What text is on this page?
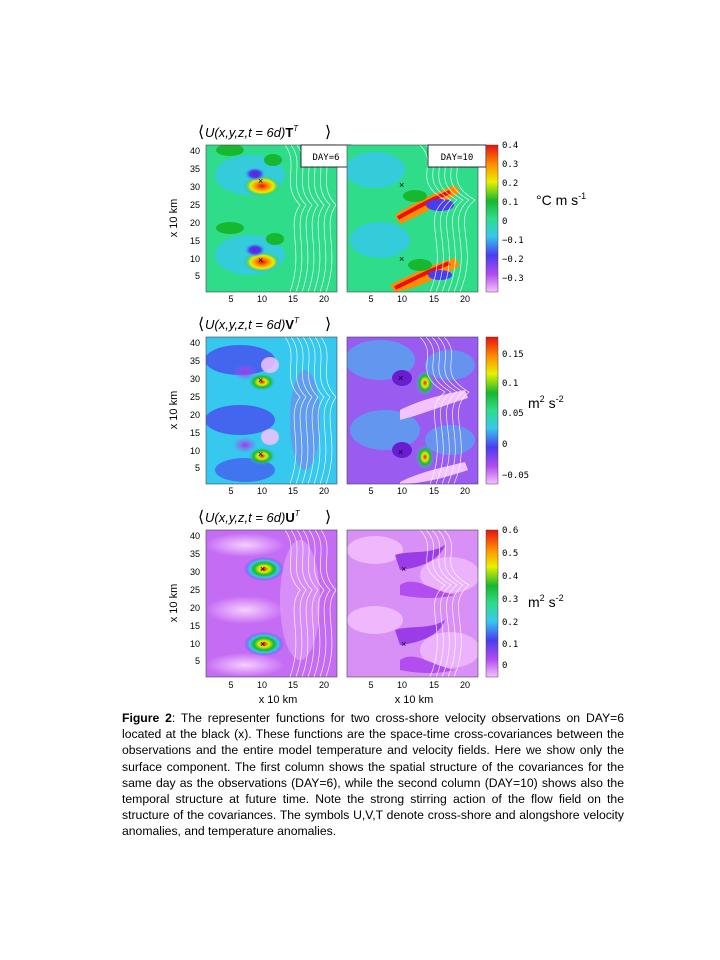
$U(x,y,z,t = 6d)T^T$
⟨	⟩
×
×
DAY=6
×
×
DAY=10
0.4
0.3
0.2
0.1
0
−0.1
−0.2
−0.3
°C m $s^{-1}$
5
10
15
20
25
30
35
40
x 10 km
5	10 15 20	5	10 15 20
$U(x,y,z,t = 6d)V^T$
⟨	⟩
×
×
×
×
0.15
0.1
0.05
0
−0.05
$m^2$ $s^{-2}$
5
10
15
20
25
30
35
40
x 10 km
5	10 15 20	5	10 15 20
$U(x,y,z,t = 6d)U^T$
⟨	⟩
×
×
×
×
0.6
0.5
0.4
0.3
0.2
0.1
0
$m^2$ $s^{-2}$
5
10
15
20
25
30
35
40
x 10 km
5	10 15 20	5	10 15 20
x 10 km	x 10 km
Figure 2: The representer functions for two cross-shore velocity observations on DAY=6 located at the black (x). These functions are the space-time cross-covariances between the observations and the entire model temperature and velocity fields. Here we show only the surface component. The first column shows the spatial structure of the covariances for the same day as the observations (DAY=6), while the second column (DAY=10) shows also the temporal structure at future time. Note the strong stirring action of the flow field on the structure of the covariances. The symbols U,V,T denote cross-shore and alongshore velocity anomalies, and temperature anomalies.
